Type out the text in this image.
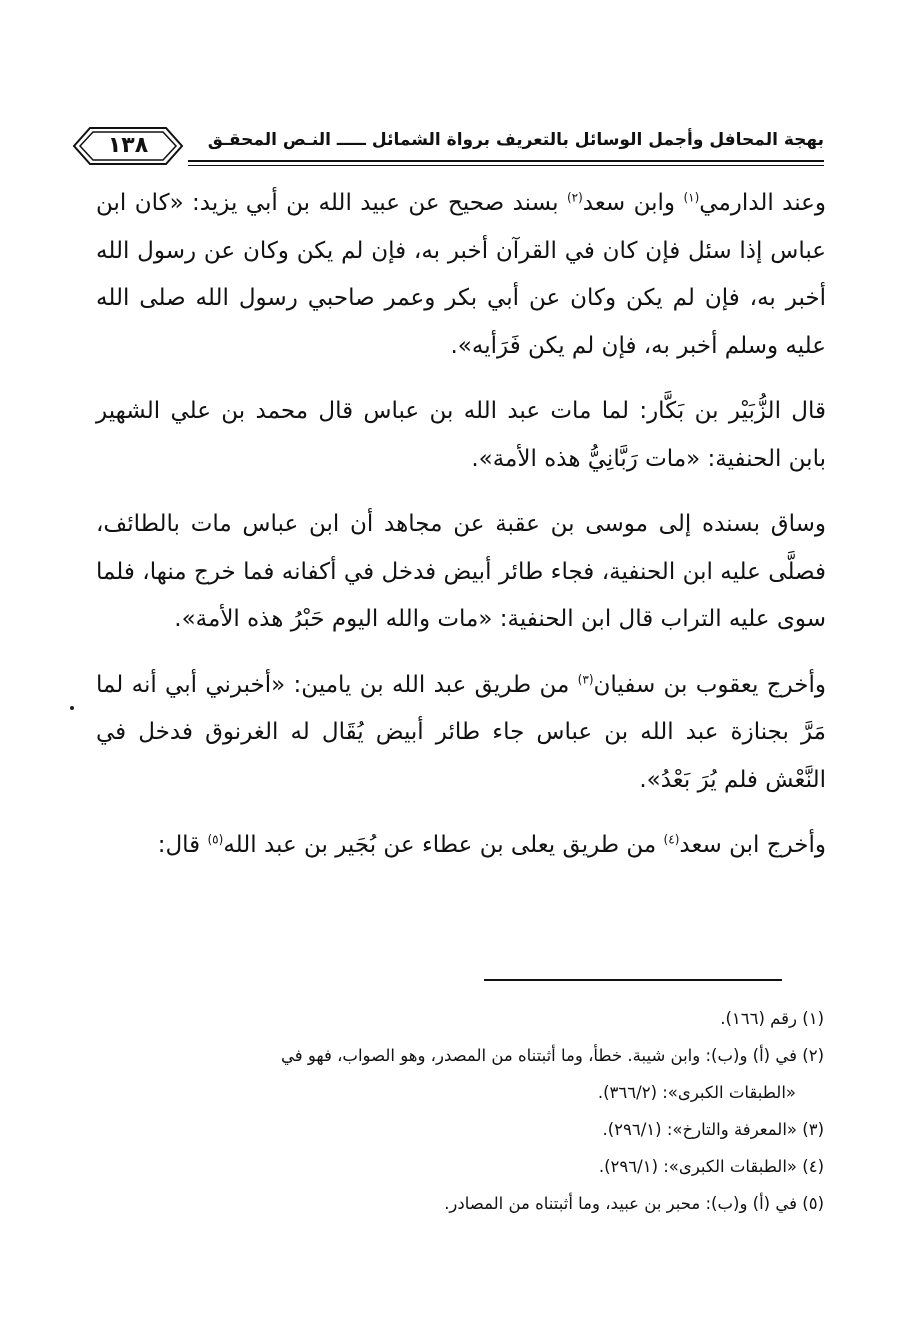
١٣٨	بهجة المحافل وأجمل الوسائل بالتعريف برواة الشمائل ـــــ النـص المحقـق

وعند الدارمي$^{(١)}$ وابن سعد$^{(٢)}$ بسند صحيح عن عبيد الله بن أبي يزيد: «كان ابن عباس إذا سئل فإن كان في القرآن أخبر به، فإن لم يكن وكان عن رسول الله أخبر به، فإن لم يكن وكان عن أبي بكر وعمر صاحبي رسول الله صلى الله عليه وسلم أخبر به، فإن لم يكن فَرَأيه».

قال الزُّبَيْر بن بَكَّار: لما مات عبد الله بن عباس قال محمد بن علي الشهير بابن الحنفية: «مات رَبَّانِيُّ هذه الأمة».

وساق بسنده إلى موسى بن عقبة عن مجاهد أن ابن عباس مات بالطائف، فصلَّى عليه ابن الحنفية، فجاء طائر أبيض فدخل في أكفانه فما خرج منها، فلما سوى عليه التراب قال ابن الحنفية: «مات والله اليوم حَبْرُ هذه الأمة».

وأخرج يعقوب بن سفيان$^{(٣)}$ من طريق عبد الله بن يامين: «أخبرني أبي أنه لما مَرَّ بجنازة عبد الله بن عباس جاء طائر أبيض يُقَال له الغرنوق فدخل في النَّعْش فلم يُرَ بَعْدُ».

وأخرج ابن سعد$^{(٤)}$ من طريق يعلى بن عطاء عن بُجَير بن عبد الله$^{(٥)}$ قال:

(١) رقم (١٦٦).

(٢) في (أ) و(ب): وابن شيبة. خطأ، وما أثبتناه من المصدر، وهو الصواب، فهو في
«الطبقات الكبرى»: (٣٦٦/٢).

(٣) «المعرفة والتارخ»: (٢٩٦/١).

(٤) «الطبقات الكبرى»: (٢٩٦/١).

(٥) في (أ) و(ب): محبر بن عبيد، وما أثبتناه من المصادر.
